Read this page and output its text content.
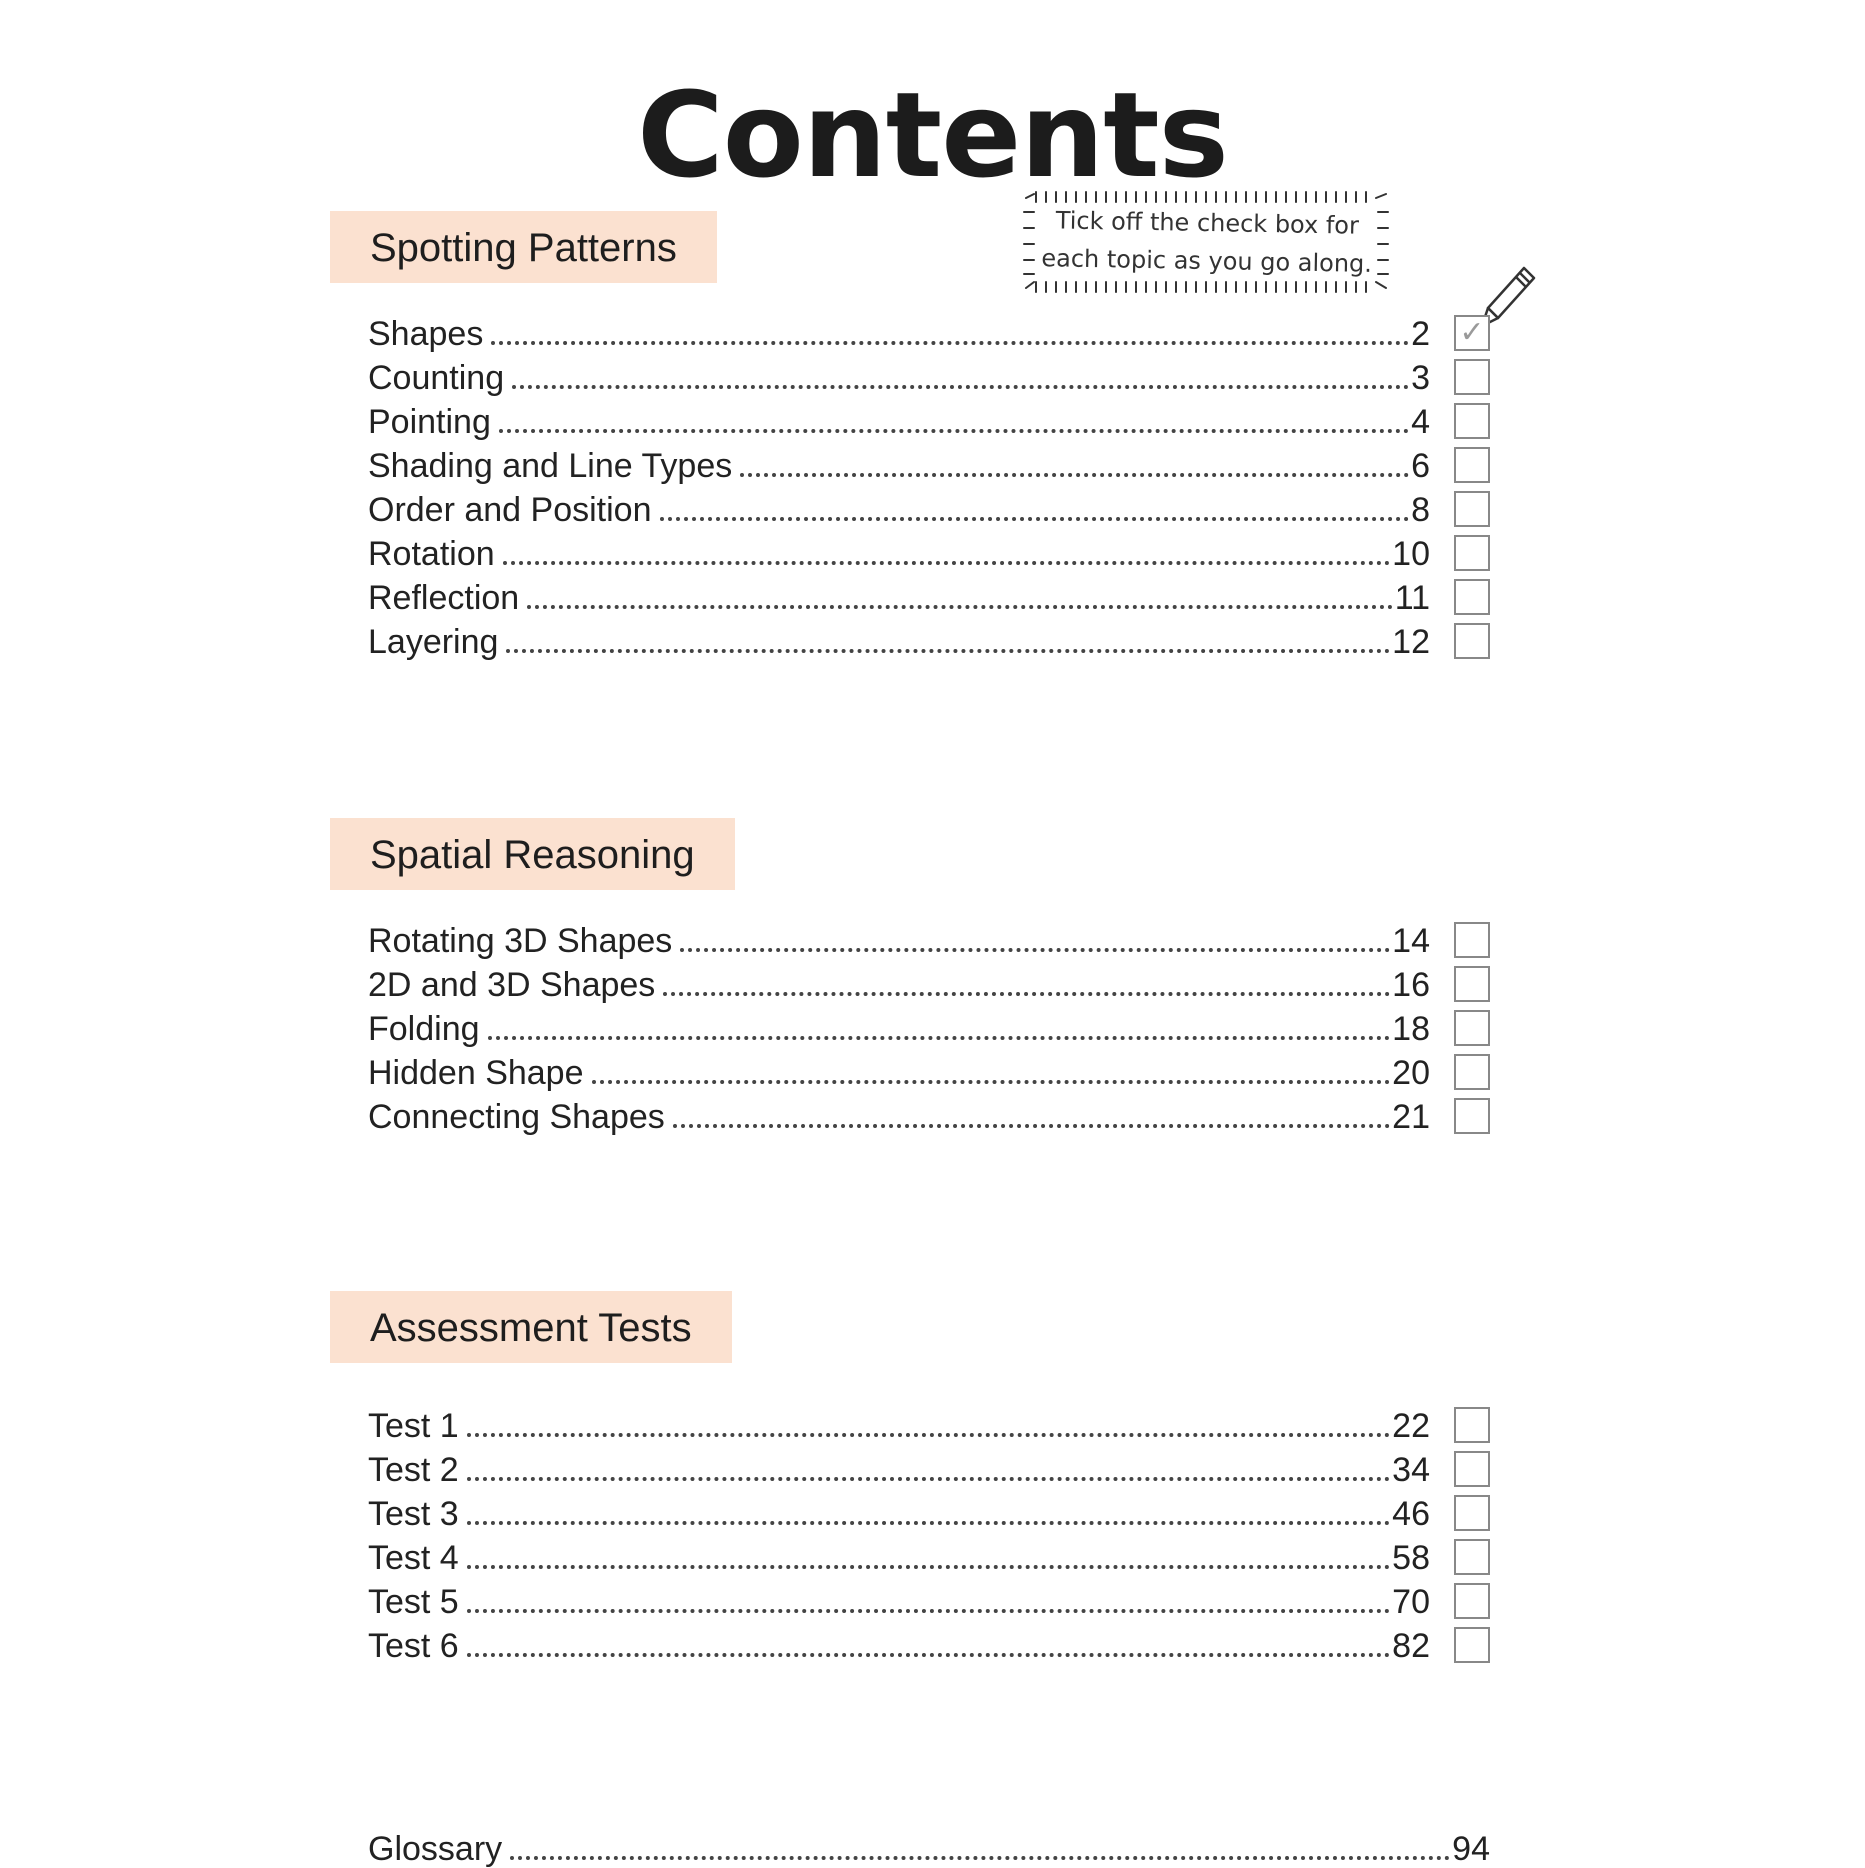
Contents
Tick off the check box for
each topic as you go along.
Spotting Patterns
Shapes	2 ✓
Counting	3
Pointing	4
Shading and Line Types	6
Order and Position	8
Rotation	10
Reflection	11
Layering	12
Spatial Reasoning
Rotating 3D Shapes	14
2D and 3D Shapes	16
Folding	18
Hidden Shape	20
Connecting Shapes	21
Assessment Tests
Test 1	22
Test 2	34
Test 3	46
Test 4	58
Test 5	70
Test 6	82
Glossary	94
